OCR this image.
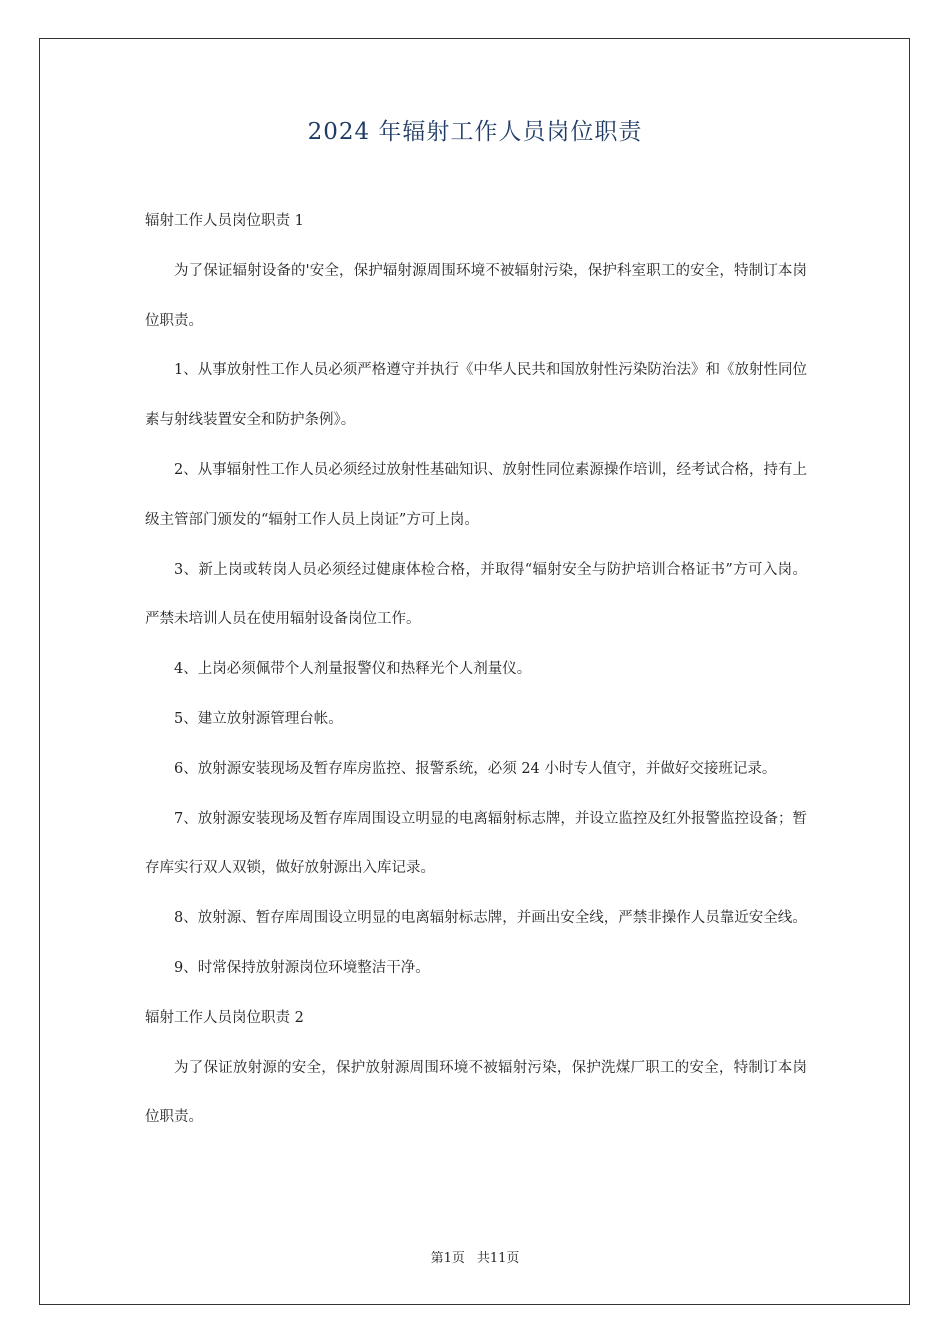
2024 年辐射工作人员岗位职责

辐射工作人员岗位职责 1

为了保证辐射设备的'安全，保护辐射源周围环境不被辐射污染，保护科室职工的安全，特制订本岗位职责。

1、从事放射性工作人员必须严格遵守并执行《中华人民共和国放射性污染防治法》和《放射性同位素与射线装置安全和防护条例》。

2、从事辐射性工作人员必须经过放射性基础知识、放射性同位素源操作培训，经考试合格，持有上级主管部门颁发的“辐射工作人员上岗证”方可上岗。

3、新上岗或转岗人员必须经过健康体检合格，并取得“辐射安全与防护培训合格证书”方可入岗。严禁未培训人员在使用辐射设备岗位工作。

4、上岗必须佩带个人剂量报警仪和热释光个人剂量仪。

5、建立放射源管理台帐。

6、放射源安装现场及暂存库房监控、报警系统，必须 24 小时专人值守，并做好交接班记录。

7、放射源安装现场及暂存库周围设立明显的电离辐射标志牌，并设立监控及红外报警监控设备；暂存库实行双人双锁，做好放射源出入库记录。

8、放射源、暂存库周围设立明显的电离辐射标志牌，并画出安全线，严禁非操作人员靠近安全线。

9、时常保持放射源岗位环境整洁干净。

辐射工作人员岗位职责 2

为了保证放射源的安全，保护放射源周围环境不被辐射污染，保护洗煤厂职工的安全，特制订本岗位职责。

第1页 共11页
